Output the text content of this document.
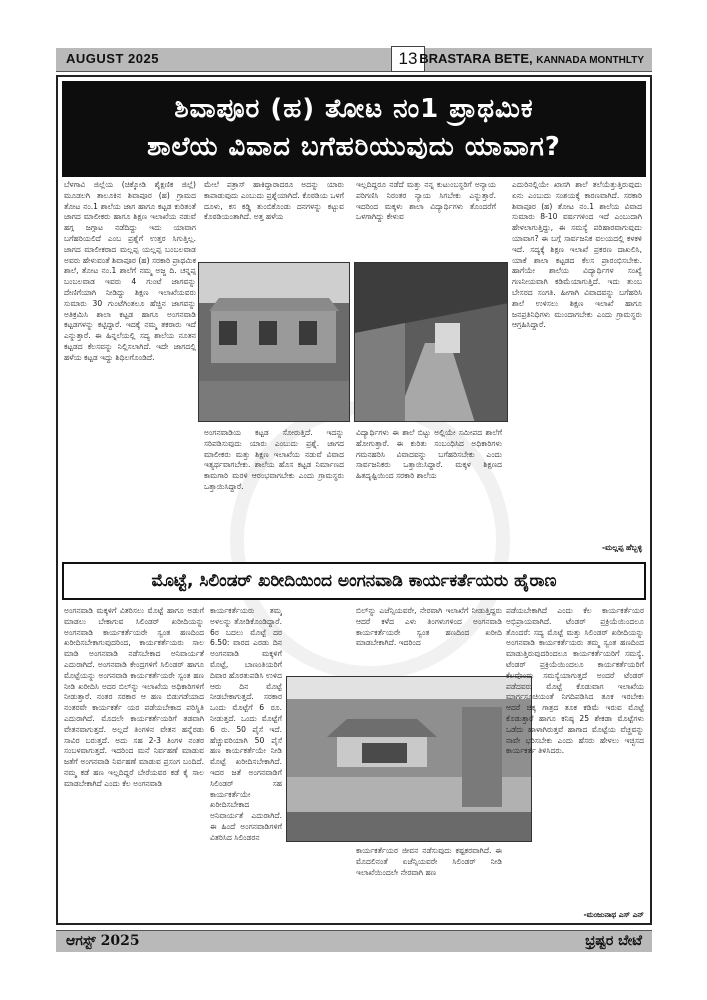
AUGUST 2025	13 BRASTARA BETE, KANNADA MONTHLTY
ಶಿವಾಪೂರ (ಹ) ತೋಟ ನಂ1 ಪ್ರಾಥಮಿಕ
ಶಾಲೆಯ ವಿವಾದ ಬಗೆಹರಿಯುವುದು ಯಾವಾಗ?
ಬೆಳಗಾವಿ ಜಿಲ್ಲೆಯ (ಚಿಕ್ಕೋಡಿ ಶೈಕ್ಷಣಿಕ ಜಿಲ್ಲೆ) ಮೂಡಲಗಿ ತಾಲೂಕಿನ ಶಿವಾಪೂರ (ಹ) ಗ್ರಾಮದ ತೋಟ ನಂ.1 ಶಾಲೆಯ ಜಾಗ ಹಾಗೂ ಕಟ್ಟಡ ಕುರಿತಂತೆ ಜಾಗದ ಮಾಲೀಕರು ಹಾಗೂ ಶಿಕ್ಷಣ ಇಲಾಖೆಯ ನಡುವೆ ಹಗ್ಗ ಜಗ್ಗಾಟ ನಡೆದಿದ್ದು ಇದು ಯಾವಾಗ ಬಗೆಹರಿಯಲಿದೆ ಎಂಬ ಪ್ರಶ್ನೆಗೆ ಉತ್ತರ ಸಿಗುತ್ತಿಲ್ಲ. ಜಾಗದ ಮಾಲೀಕರಾದ ಮಲ್ಲಪ್ಪ ಯಲ್ಲಪ್ಪ ಬಂಬಲವಾಡ ಅವರು ಹೇಳುವಂತೆ ಶಿವಾಪೂರ (ಹ) ಸರಕಾರಿ ಪ್ರಾಥಮಿಕ ಶಾಲೆ, ತೋಟ ನಂ.1 ಶಾಲೆಗೆ ನಮ್ಮ ಅಜ್ಜ ದಿ. ಚನ್ನಪ್ಪ ಬಂಬಲವಾಡ ಇವರು 4 ಗುಂಟೆ ಜಾಗವನ್ನು ದೇಣಿಗೆಯಾಗಿ ನೀಡಿದ್ದು ಶಿಕ್ಷಣ ಇಲಾಖೆಯವರು ಸುಮಾರು 30 ಗುಂಟೆಗಿಂತಲೂ ಹೆಚ್ಚಿನ ಜಾಗವನ್ನು ಅತಿಕ್ರಮಿಸಿ ಶಾಲಾ ಕಟ್ಟಡ ಹಾಗೂ ಅಂಗನವಾಡಿ ಕಟ್ಟಡಗಳನ್ನು ಕಟ್ಟಿದ್ದಾರೆ. ಇದಕ್ಕೆ ನಮ್ಮ ತಕರಾರು ಇದೆ ಎನ್ನುತ್ತಾರೆ. ಈ ಹಿನ್ನಲೆಯಲ್ಲಿ ಸದ್ಯ ಶಾಲೆಯ ನೂತನ ಕಟ್ಟಡದ ಕೆಲಸವನ್ನು ನಿಲ್ಲಿಸಲಾಗಿದೆ. ಇದೇ ಜಾಗದಲ್ಲಿ ಹಳೆಯ ಕಟ್ಟಡ ಇದ್ದು ಶಿಥಿಲಗೊಂಡಿದೆ.
ಮೇಲೆ ಪತ್ರಾಸ್ ಹಾಕಿದ್ದಾರಾದರೂ ಅದನ್ನು ಯಾರು ಕಾಪಾಡುವುದು ಎಂಬುದು ಪ್ರಶ್ನೆಯಾಗಿದೆ. ಕೊಠಡಿಯ ಒಳಗೆ ದೂಳು, ಕಸ ಕಡ್ಡಿ ತುಂಬಿಕೊಂಡು ದನಗಳನ್ನು ಕಟ್ಟುವ ಕೊಠಡಿಯಂತಾಗಿದೆ. ಅತ್ತ ಹಳೆಯ
ಇಲ್ಲದಿದ್ದರೂ ನಡೆದೆ ಮತ್ತು ನನ್ನ ಕುಟುಂಬಸ್ಥರಿಗೆ ಅನ್ಯಾಯ ಪರಿಗಣಿಸಿ ನಿರಂತರ ನ್ಯಾಯ ಸಿಗಬೇಕು ಎನ್ನುತ್ತಾರೆ. ಇದರಿಂದ ಮಕ್ಕಳು ಶಾಲಾ ವಿದ್ಯಾರ್ಥಿಗಳು ತೊಂದರೆಗೆ ಒಳಗಾಗಿದ್ದು ಕೇಳುವ
ಅಂಗನವಾಡಿಯ ಕಟ್ಟಡ ಸೋರುತ್ತಿದೆ. ಇದನ್ನು ಸರಿಪಡಿಸುವುದು ಯಾರು ಎಂಬುದು ಪ್ರಶ್ನೆ. ಜಾಗದ ಮಾಲೀಕರು ಮತ್ತು ಶಿಕ್ಷಣ ಇಲಾಖೆಯ ನಡುವೆ ವಿವಾದ ಇತ್ಯರ್ಥವಾಗಬೇಕು. ಶಾಲೆಯ ಹೊಸ ಕಟ್ಟಡ ನಿರ್ಮಾಣದ ಕಾಮಗಾರಿ ಮರಳಿ ಆರಂಭವಾಗಬೇಕು ಎಂದು ಗ್ರಾಮಸ್ಥರು ಒತ್ತಾಯಿಸಿದ್ದಾರೆ.
ವಿದ್ಯಾರ್ಥಿಗಳು ಈ ಶಾಲೆ ಬಿಟ್ಟು ಅಲ್ಲಿಯೇ ಸಮೀಪದ ಶಾಲೆಗೆ ಹೋಗುತ್ತಾರೆ. ಈ ಕುರಿತು ಸಂಬಂಧಿಸಿದ ಅಧಿಕಾರಿಗಳು ಗಮನಹರಿಸಿ ವಿವಾದವನ್ನು ಬಗೆಹರಿಸಬೇಕು ಎಂದು ಸಾರ್ವಜನಿಕರು ಒತ್ತಾಯಿಸಿದ್ದಾರೆ. ಮಕ್ಕಳ ಶಿಕ್ಷಣದ ಹಿತದೃಷ್ಟಿಯಿಂದ ಸರಕಾರಿ ಶಾಲೆಯ
ಎದುರಿನಲ್ಲಿಯೇ ಖಾಸಗಿ ಶಾಲೆ ತಲೆಯೆತ್ತುತ್ತಿರುವುದು ಏನು ಎಂಬುದು ಸಂಶಯಕ್ಕೆ ಕಾರಣವಾಗಿದೆ. ಸರಕಾರಿ ಶಿವಾಪೂರ (ಹ) ತೋಟ ನಂ.1 ಶಾಲೆಯ ವಿವಾದ ಸುಮಾರು 8-10 ವರ್ಷಗಳಿಂದ ಇದೆ ಎಂಬುದಾಗಿ ಹೇಳಲಾಗುತ್ತಿದ್ದು, ಈ ಸಮಸ್ಯೆ ಪರಿಹಾರವಾಗುವುದು ಯಾವಾಗ? ಈ ಬಗ್ಗೆ ಸಾರ್ವಜನಿಕ ವಲಯದಲ್ಲಿ ಕಳಕಳಿ ಇದೆ. ಸದ್ಯಕ್ಕೆ ಶಿಕ್ಷಣ ಇಲಾಖೆ ಪ್ರಕರಣ ದಾಖಲಿಸಿ, ಯಾಕೆ ಶಾಲಾ ಕಟ್ಟಡದ ಕೆಲಸ ಪ್ರಾರಂಭಿಸಬೇಕು. ಹಾಗೆಯೇ ಶಾಲೆಯ ವಿದ್ಯಾರ್ಥಿಗಳ ಸಂಖ್ಯೆ ಗಣನೀಯವಾಗಿ ಕಡಿಮೆಯಾಗುತ್ತಿದೆ. ಇದು ತುಂಬ ಬೇಸರದ ಸಂಗತಿ. ಹೀಗಾಗಿ ವಿವಾದವನ್ನು ಬಗೆಹರಿಸಿ ಶಾಲೆ ಉಳಿಸಲು ಶಿಕ್ಷಣ ಇಲಾಖೆ ಹಾಗೂ ಜನಪ್ರತಿನಿಧಿಗಳು ಮುಂದಾಗಬೇಕು ಎಂದು ಗ್ರಾಮಸ್ಥರು ಆಗ್ರಹಿಸಿದ್ದಾರೆ.
-ಮಲ್ಲಪ್ಪ ಹೆಬ್ಬಳ್ಳಿ
ಮೊಟ್ಟೆ, ಸಿಲಿಂಡರ್ ಖರೀದಿಯಿಂದ ಅಂಗನವಾಡಿ ಕಾರ್ಯಕರ್ತೆಯರು ಹೈರಾಣ
ಅಂಗನವಾಡಿ ಮಕ್ಕಳಿಗೆ ವಿತರಿಸಲು ಮೊಟ್ಟೆ ಹಾಗೂ ಅಡುಗೆ ಮಾಡಲು ಬೇಕಾಗುವ ಸಿಲಿಂಡರ್ ಖರೀದಿಯನ್ನು ಅಂಗನವಾಡಿ ಕಾರ್ಯಕರ್ತೆಯರೇ ಸ್ವಂತ ಹಣದಿಂದ ಖರೀದಿಸಬೇಕಾಗುವುದರಿಂದ, ಕಾರ್ಯಕರ್ತೆಯರು ಸಾಲ ಮಾಡಿ ಅಂಗನವಾಡಿ ನಡೆಸಬೇಕಾದ ಅನಿವಾರ್ಯತೆ ಎದುರಾಗಿದೆ. ಅಂಗನವಾಡಿ ಕೇಂದ್ರಗಳಿಗೆ ಸಿಲಿಂಡರ್ ಹಾಗೂ ಮೊಟ್ಟೆಯನ್ನು ಅಂಗನವಾಡಿ ಕಾರ್ಯಕರ್ತೆಯರೇ ಸ್ವಂತ ಹಣ ನೀಡಿ ಖರೀದಿಸಿ ಅದರ ಬಿಲ್‌ನ್ನು ಇಲಾಖೆಯ ಅಧಿಕಾರಿಗಳಿಗೆ ನೀಡುತ್ತಾರೆ. ನಂತರ ಸರಕಾರ ಆ ಹಣ ಬಿಡುಗಡೆಯಾದ ನಂತರವೇ ಕಾರ್ಯಕರ್ತೆ ಯರ ಪಡೆಯಬೇಕಾದ ಪರಿಸ್ಥಿತಿ ಎದುರಾಗಿದೆ. ಮೊದಲೇ ಕಾರ್ಯಕರ್ತೆಯರಿಗೆ ತಡವಾಗಿ ವೇತನವಾಗುತ್ತದೆ. ಅಲ್ಲದೆ ತಿಂಗಳಿನ ವೇತನ ಹನ್ನೆರಡು ಸಾವಿರ ಬರುತ್ತದೆ. ಅದು ಸಹ 2-3 ತಿಂಗಳ ನಂತರ ಸಂಬಳವಾಗುತ್ತದೆ. ಇದರಿಂದ ಮನೆ ನಿರ್ವಹಣೆ ಮಾಡುವ ಜತೆಗೆ ಅಂಗನವಾಡಿ ನಿರ್ವಹಣೆ ಮಾಡುವ ಪ್ರಸಂಗ ಬಂದಿದೆ. ನಮ್ಮ ಕಡೆ ಹಣ ಇಲ್ಲದಿದ್ದರೆ ಬೇರೆಯವರ ಕಡೆ ಕೈ ಸಾಲ ಮಾಡಬೇಕಾಗಿದೆ ಎಂದು ಕೆಲ ಅಂಗನವಾಡಿ
ಕಾರ್ಯಕರ್ತೆಯರು ತಮ್ಮ ಅಳಲನ್ನು ತೋಡಿಕೊಂಡಿದ್ದಾರೆ. 6ರ ಬದಲು ಮೊಟ್ಟೆ ದರ 6.50: ವಾರದ ಎರಡು ದಿನ ಅಂಗನವಾಡಿ ಮಕ್ಕಳಿಗೆ ಮೊಟ್ಟೆ, ಬಾಣಂತಿಯರಿಗೆ ದಿವಾರ ಹೊರತುಪಡಿಸಿ ಉಳಿದ ಆರು ದಿನ ಮೊಟ್ಟೆ ನೀಡಬೇಕಾಗುತ್ತದೆ. ಸರಕಾರ ಒಂದು ಮೊಟ್ಟೆಗೆ 6 ರೂ. ನೀಡುತ್ತದೆ. ಒಂದು ಮೊಟ್ಟೆಗೆ 6 ರು. 50 ಪೈಸೆ ಇದೆ. ಹೆಚ್ಚುವರಿಯಾಗಿ 50 ಪೈಸೆ ಹಣ ಕಾರ್ಯಕರ್ತೆಯೇ ನೀಡಿ ಮೊಟ್ಟೆ ಖರೀದಿಸಬೇಕಾಗಿದೆ. ಇದರ ಜತೆ ಅಂಗನವಾಡಿಗೆ ಸಿಲಿಂಡರ್ ಸಹ ಕಾರ್ಯಕರ್ತೆಯೇ ಖರೀದಿಸಬೇಕಾದ ಅನಿವಾರ್ಯತೆ ಎದುರಾಗಿದೆ. ಈ ಹಿಂದೆ ಅಂಗನವಾಡಿಗಳಿಗೆ ವಿತರಿಸಿದ ಸಿಲಿಂಡರನ
ಬಿಲ್‌ನ್ನು ಎಜೆನ್ಸಿಯವರೇ, ನೇರವಾಗಿ ಇಲಾಖೆಗೆ ನೀಡುತ್ತಿದ್ದರು ಆದರೆ ಕಳೆದ ಎಳು ತಿಂಗಳುಗಳಿಂದ ಅಂಗನವಾಡಿ ಕಾರ್ಯಕರ್ತೆಯರೇ ಸ್ವಂತ ಹಣದಿಂದ ಖರೀದಿ ಮಾಡಬೇಕಾಗಿದೆ. ಇದರಿಂದ
ಕಾರ್ಯಕರ್ತೆಯರ ಜೀವನ ನಡೆಸುವುದು ಕಷ್ಟಕರವಾಗಿದೆ. ಈ ಮೊದಲಿನಂತೆ ಏಜೆನ್ಸಿಯವರೇ ಸಿಲಿಂಡರ್ ನೀಡಿ ಇಲಾಖೆಯಿಂದಲೇ ನೇರವಾಗಿ ಹಣ
ಪಡೆಯಬೇಕಾಗಿದೆ ಎಂದು ಕೆಲ ಕಾರ್ಯಕರ್ತೆಯರ ಅಭಿಪ್ರಾಯವಾಗಿದೆ. ಟೆಂಡರ್ ಪ್ರಕ್ರಿಯೆಯಿಂದಲೂ ತೊಂದರೆ: ಸದ್ಯ ಮೊಟ್ಟೆ ಮತ್ತು ಸಿಲಿಂಡರ್ ಖರೀದಿಯನ್ನು ಅಂಗನವಾಡಿ ಕಾರ್ಯಕರ್ತೆಯರು ತಮ್ಮ ಸ್ವಂತ ಹಣದಿಂದ ಮಾಡುತ್ತಿರುವುದರಿಂದಲೂ ಕಾರ್ಯಕರ್ತೆಯರಿಗೆ ಸಮಸ್ಯೆ. ಟೆಂಡರ್ ಪ್ರಕ್ರಿಯೆಯಿಂದಲೂ ಕಾರ್ಯಕರ್ತೆಯರಿಗೆ ಕೆಲವೊಂದು ಸಮಸ್ಯೆಯಾಗುತ್ತದೆ ಅಂದರೆ ಟೆಂಡರ್ ಪಡೆದವರು ಮೊಟ್ಟೆ ಕೊಡುವಾಗ ಇಲಾಖೆಯ ಮಾರ್ಗಸೂಚಿಯಂತೆ ನಿಗದಿಪಡಿಸಿದ ತೂಕ ಇರಬೇಕು ಆದರೆ ಚಿಕ್ಕ ಗಾತ್ರದ ತೂಕ ಕಡಿಮೆ ಇರುವ ಮೊಟ್ಟೆ ಕೊಡುತ್ತಾರೆ ಹಾಗೂ ಕನಿಷ್ಠ 25 ಶೇಕಡಾ ಮೊಟ್ಟೆಗಳು ಒಡೆದು ಹಾಳಾಗಿರುತ್ತವೆ ಹಾಗಾದ ಮೊಟ್ಟೆಯ ವೆಚ್ಚವನ್ನು ನಾವೇ ಭರಿಸಬೇಕು ಎಂದು ಹೆಸರು ಹೇಳಲು ಇಚ್ಛಿಸದ ಕಾರ್ಯಕರ್ತೆ ತಿಳಿಸಿದರು.
-ಮಂಜುನಾಥ ಎಸ್ ಎನ್
ಆಗಸ್ಟ್ 2025	ಭ್ರಷ್ಟರ ಬೇಟೆ
